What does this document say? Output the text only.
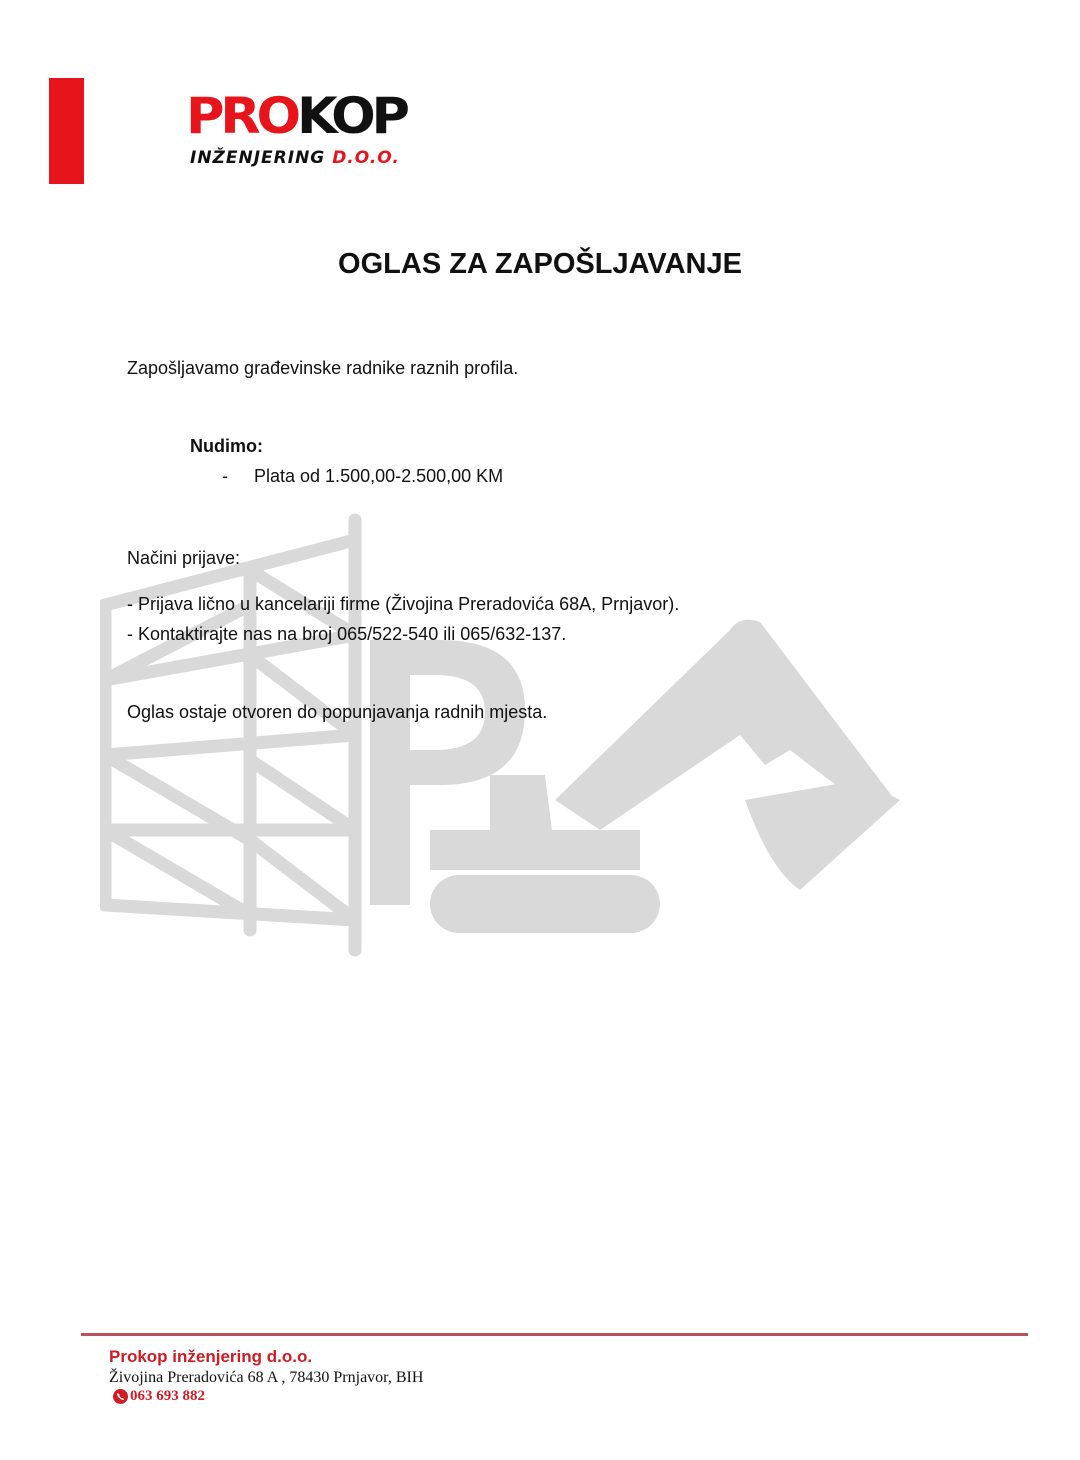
PROKOP
INŽENJERING D.O.O.
OGLAS ZA ZAPOŠLJAVANJE
Zapošljavamo građevinske radnike raznih profila.
Nudimo:
- Plata od 1.500,00-2.500,00 KM
Načini prijave:
- Prijava lično u kancelariji firme (Živojina Preradovića 68A, Prnjavor).
- Kontaktirajte nas na broj 065/522-540 ili 065/632-137.
Oglas ostaje otvoren do popunjavanja radnih mjesta.
Prokop inženjering d.o.o.
Živojina Preradovića 68 A , 78430 Prnjavor, BIH
063 693 882
